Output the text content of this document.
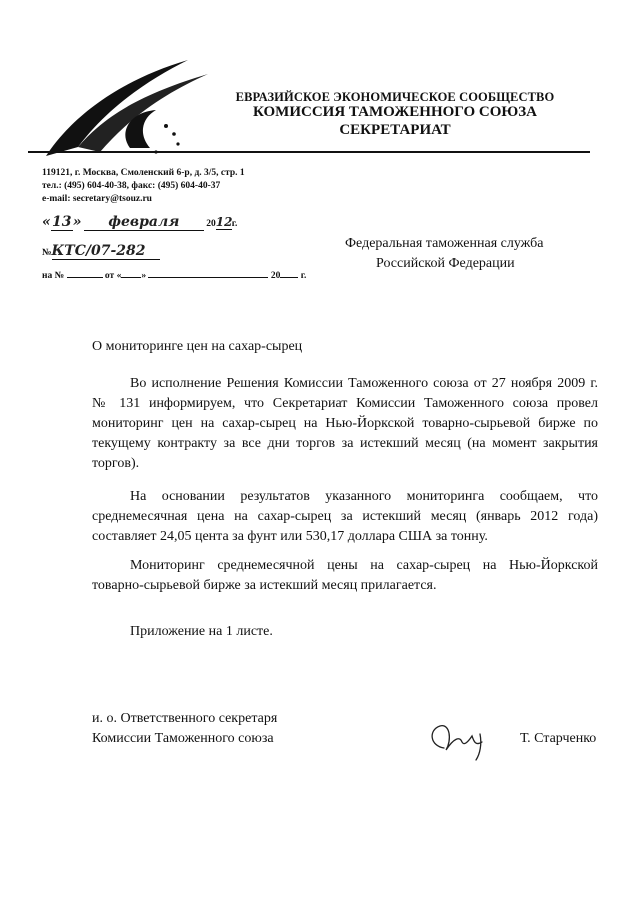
ЕВРАЗИЙСКОЕ ЭКОНОМИЧЕСКОЕ СООБЩЕСТВО
КОМИССИЯ ТАМОЖЕННОГО СОЮЗА
СЕКРЕТАРИАТ
119121, г. Москва, Смоленский 6-р, д. 3/5, стр. 1
тел.: (495) 604-40-38, факс: (495) 604-40-37
e-mail: secretary@tsouz.ru
«13» февраля	2012г.
№КТС/07-282
на №	от « »	20 г.
Федеральная таможенная служба
Российской Федерации
О мониторинге цен на сахар-сырец

Во исполнение Решения Комиссии Таможенного союза от 27 ноября 2009 г. № 131 информируем, что Секретариат Комиссии Таможенного союза провел мониторинг цен на сахар-сырец на Нью-Йоркской товарно-сырьевой бирже по текущему контракту за все дни торгов за истекший месяц (на момент закрытия торгов).

На основании результатов указанного мониторинга сообщаем, что среднемесячная цена на сахар-сырец за истекший месяц (январь 2012 года) составляет 24,05 цента за фунт или 530,17 доллара США за тонну.

Мониторинг среднемесячной цены на сахар-сырец на Нью-Йоркской товарно-сырьевой бирже за истекший месяц прилагается.

Приложение на 1 листе.
и. о. Ответственного секретаря
Комиссии Таможенного союза	Т. Старченко
